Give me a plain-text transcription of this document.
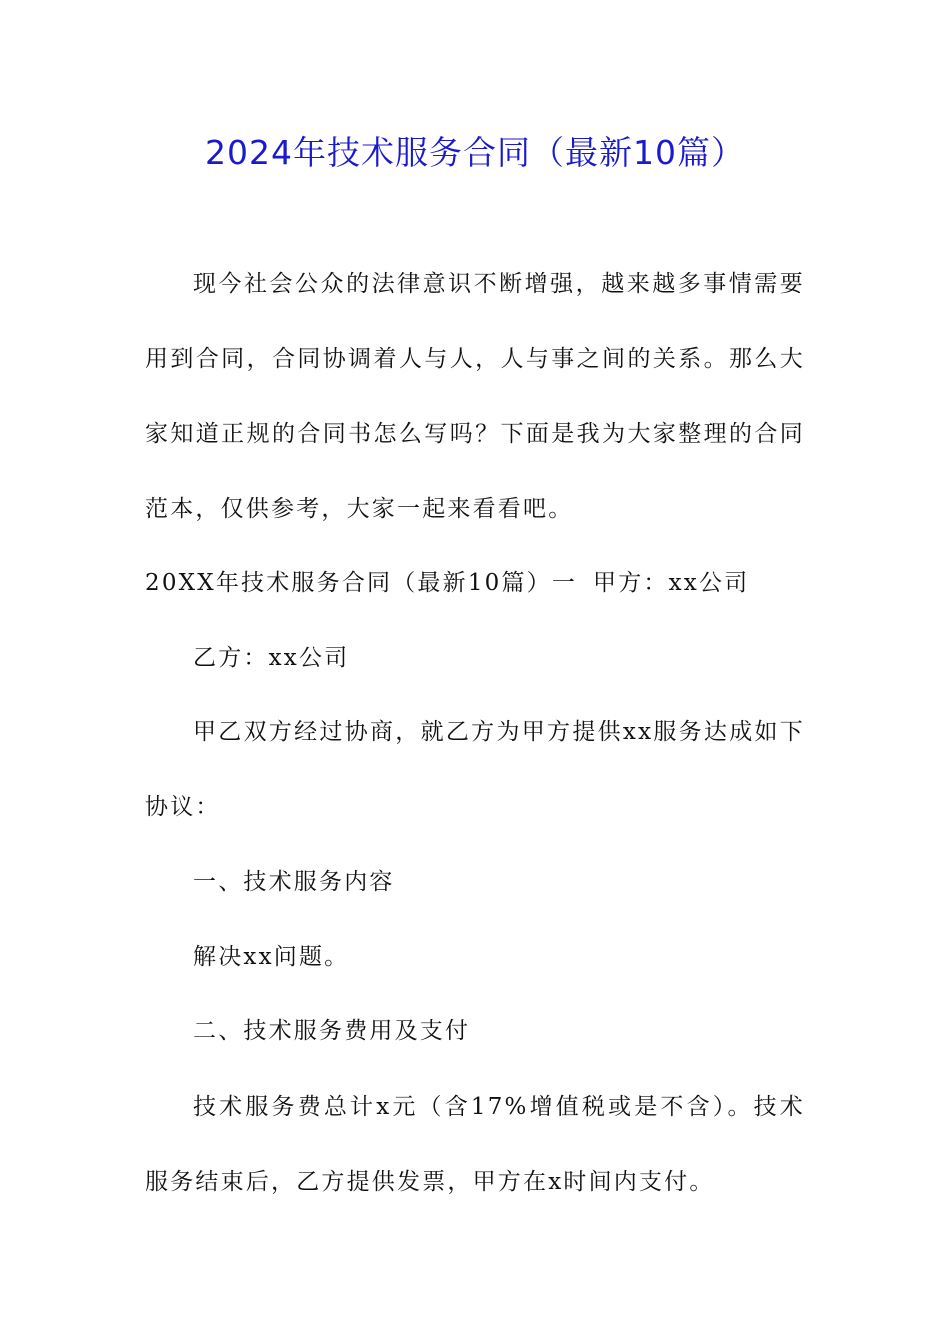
2024年技术服务合同（最新10篇）
现今社会公众的法律意识不断增强，越来越多事情需要用到合同，合同协调着人与人，人与事之间的关系。那么大家知道正规的合同书怎么写吗？下面是我为大家整理的合同范本，仅供参考，大家一起来看看吧。
20XX年技术服务合同（最新10篇）一 甲方：xx公司
乙方：xx公司
甲乙双方经过协商，就乙方为甲方提供xx服务达成如下协议：
一、技术服务内容
解决xx问题。
二、技术服务费用及支付
技术服务费总计x元（含17%增值税或是不含）。技术服务结束后，乙方提供发票，甲方在x时间内支付。
